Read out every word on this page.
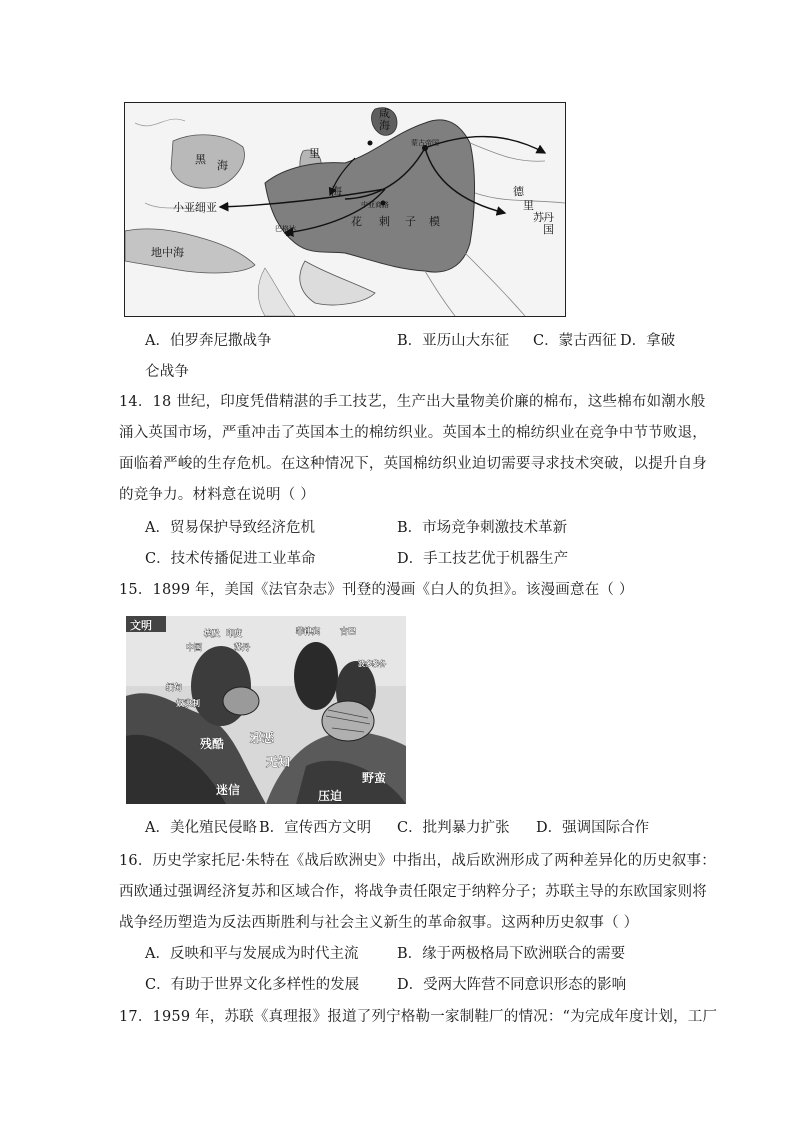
黑 海
里
海
咸
海
小亚细亚
地中海
花 剌 子 模
德
里
苏 丹
国
蒙古帝国
中亚商路
巴格达
A．伯罗奔尼撒战争	B．亚历山大东征 C．蒙古西征 D．拿破
仑战争
14．18 世纪，印度凭借精湛的手工技艺，生产出大量物美价廉的棉布，这些棉布如潮水般
涌入英国市场，严重冲击了英国本土的棉纺织业。英国本土的棉纺织业在竞争中节节败退，
面临着严峻的生存危机。在这种情况下，英国棉纺织业迫切需要寻求技术突破，以提升自身
的竞争力。材料意在说明（ ）
A．贸易保护导致经济危机	B．市场竞争刺激技术革新
C．技术传播促进工业革命	D．手工技艺优于机器生产
15．1899 年，美国《法官杂志》刊登的漫画《白人的负担》。该漫画意在（ ）
文明
埃及 印度
中国
菲律宾	古巴
波多黎各
苏丹
缅甸
奴隶制
残酷 邪恶
无知
迷信	压迫
野蛮
A．美化殖民侵略 B．宣传西方文明 C．批判暴力扩张 D．强调国际合作
16．历史学家托尼·朱特在《战后欧洲史》中指出，战后欧洲形成了两种差异化的历史叙事：
西欧通过强调经济复苏和区域合作，将战争责任限定于纳粹分子；苏联主导的东欧国家则将
战争经历塑造为反法西斯胜利与社会主义新生的革命叙事。这两种历史叙事（ ）
A．反映和平与发展成为时代主流	B．缘于两极格局下欧洲联合的需要
C．有助于世界文化多样性的发展	D．受两大阵营不同意识形态的影响
17．1959 年，苏联《真理报》报道了列宁格勒一家制鞋厂的情况：“为完成年度计划，工厂
